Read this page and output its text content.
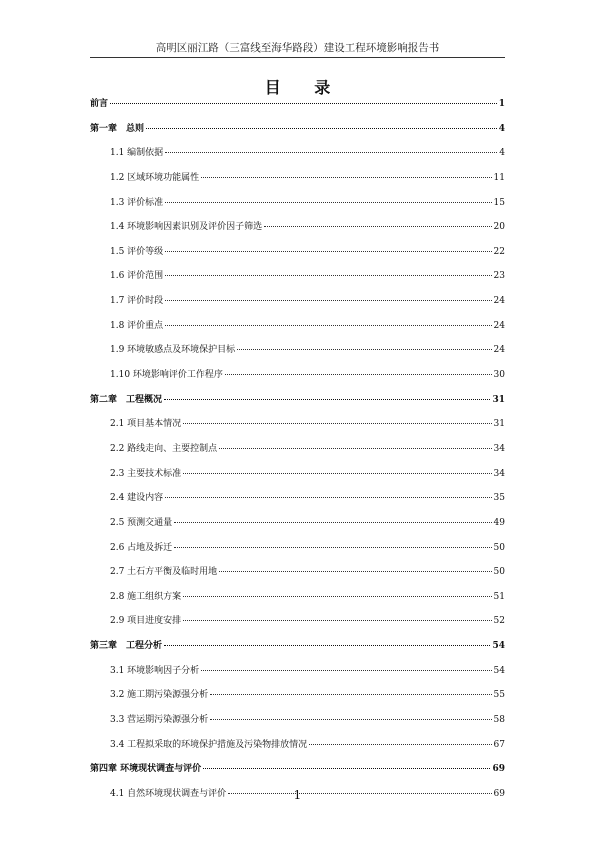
高明区丽江路（三富线至海华路段）建设工程环境影响报告书
目 录
前言	1
第一章　总则	4
1.1 编制依据	4
1.2 区域环境功能属性	11
1.3 评价标准	15
1.4 环境影响因素识别及评价因子筛选	20
1.5 评价等级	22
1.6 评价范围	23
1.7 评价时段	24
1.8 评价重点	24
1.9 环境敏感点及环境保护目标	24
1.10 环境影响评价工作程序	30
第二章　工程概况	31
2.1 项目基本情况	31
2.2 路线走向、主要控制点	34
2.3 主要技术标准	34
2.4 建设内容	35
2.5 预测交通量	49
2.6 占地及拆迁	50
2.7 土石方平衡及临时用地	50
2.8 施工组织方案	51
2.9 项目进度安排	52
第三章　工程分析	54
3.1 环境影响因子分析	54
3.2 施工期污染源强分析	55
3.3 营运期污染源强分析	58
3.4 工程拟采取的环境保护措施及污染物排放情况	67
第四章 环境现状调查与评价	69
4.1 自然环境现状调查与评价	69
1
